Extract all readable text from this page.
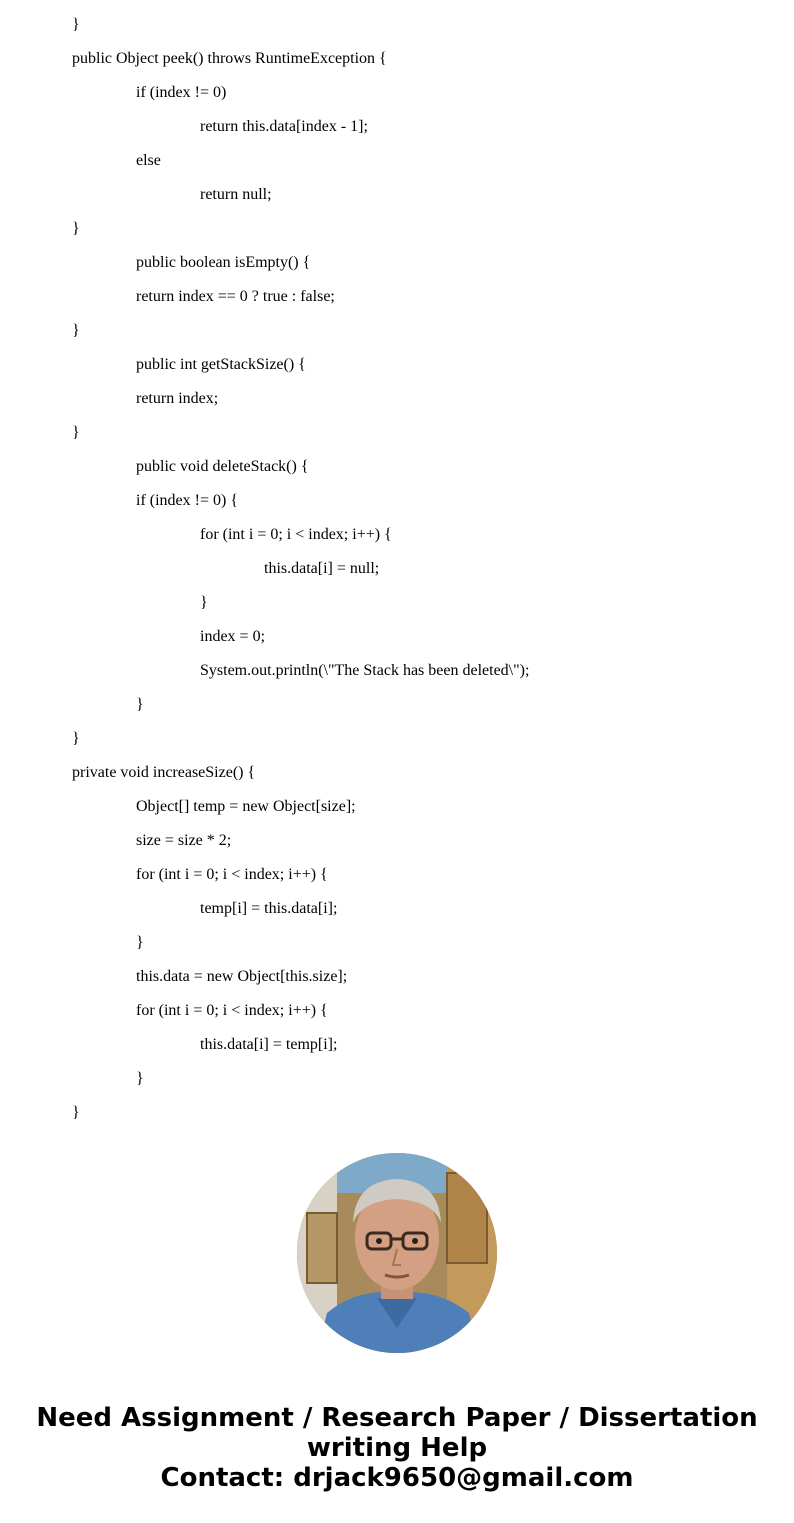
}
public Object peek() throws RuntimeException {
if (index != 0)
return this.data[index - 1];
else
return null;
}
public boolean isEmpty() {
return index == 0 ? true : false;
}
public int getStackSize() {
return index;
}
public void deleteStack() {
if (index != 0) {
for (int i = 0; i < index; i++) {
this.data[i] = null;
}
index = 0;
System.out.println(\"The Stack has been deleted\");
}
}
private void increaseSize() {
Object[] temp = new Object[size];
size = size * 2;
for (int i = 0; i < index; i++) {
temp[i] = this.data[i];
}
this.data = new Object[this.size];
for (int i = 0; i < index; i++) {
this.data[i] = temp[i];
}
}
Need Assignment / Research Paper / Dissertation
writing Help
Contact: drjack9650@gmail.com
